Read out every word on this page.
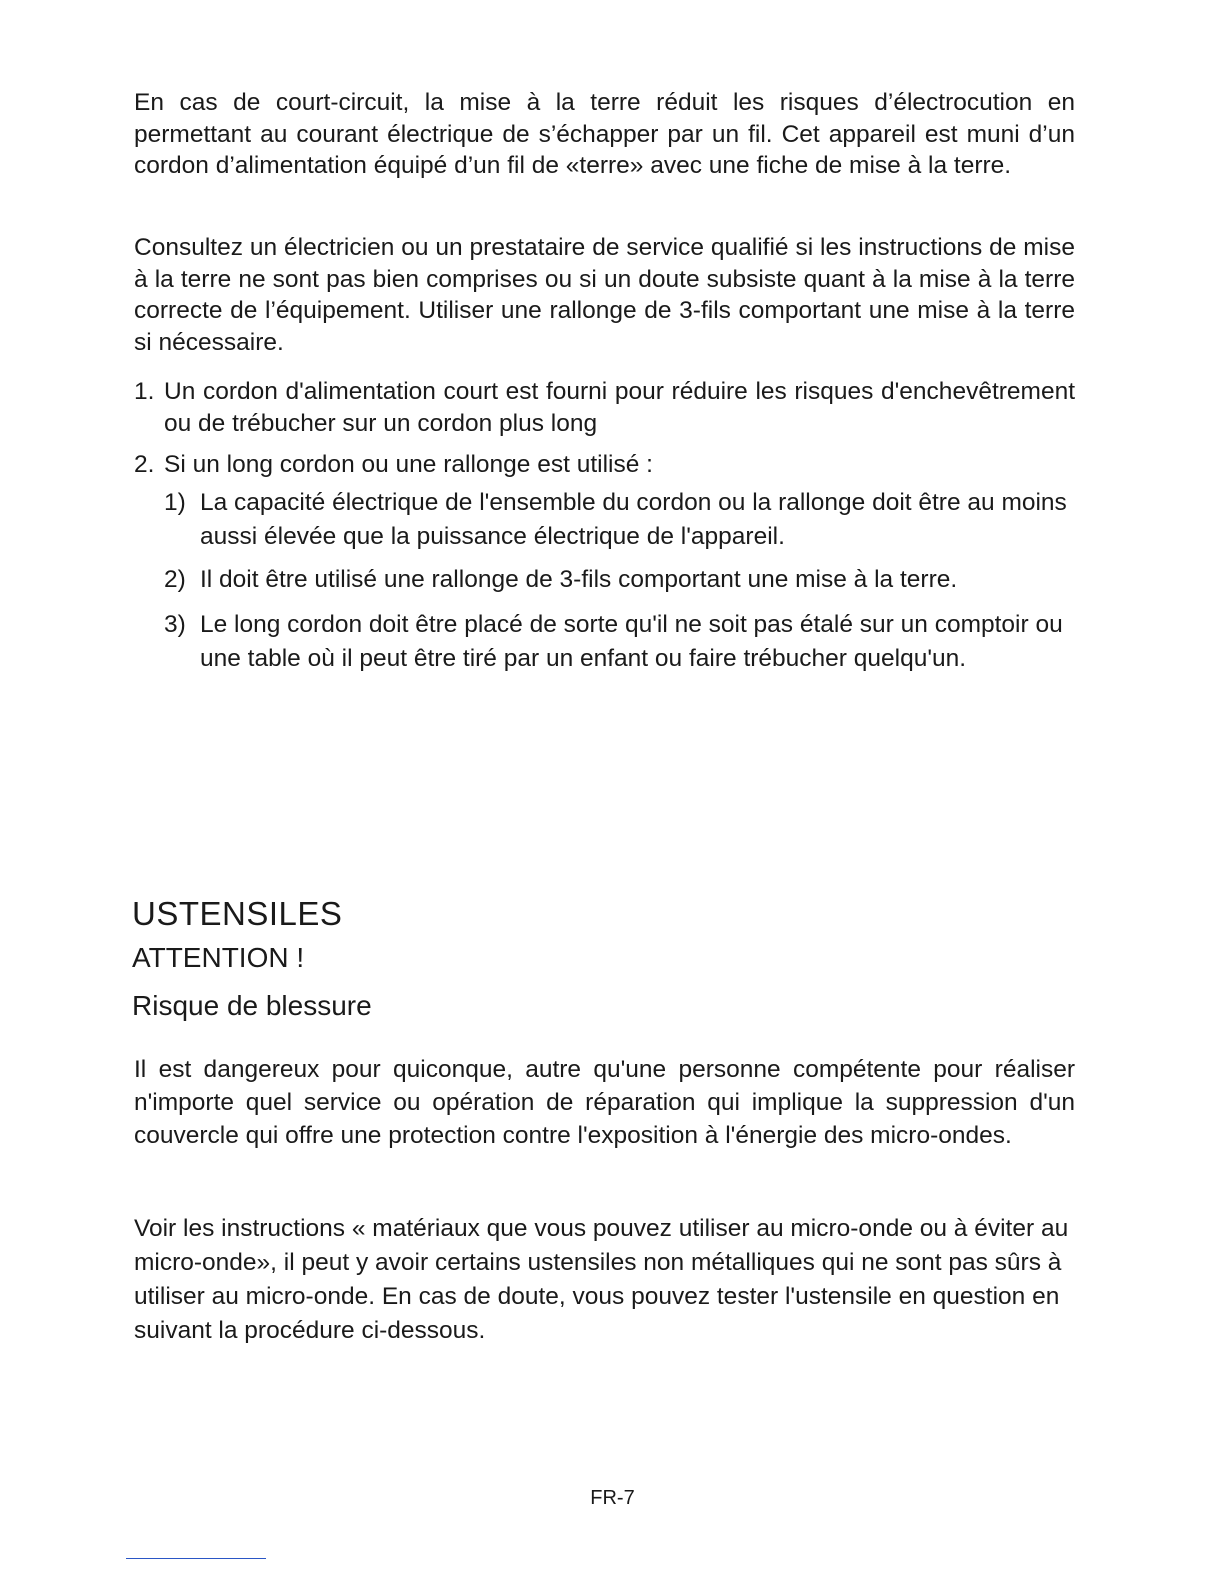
En cas de court-circuit, la mise à la terre réduit les risques d’électrocution en permettant au courant électrique de s’échapper par un fil. Cet appareil est muni d’un cordon d’alimentation équipé d’un fil de «terre» avec une fiche de mise à la terre.
Consultez un électricien ou un prestataire de service qualifié si les instructions de mise à la terre ne sont pas bien comprises ou si un doute subsiste quant à la mise à la terre correcte de l’équipement. Utiliser une rallonge de 3-fils comportant une mise à la terre si nécessaire.
1. Un cordon d'alimentation court est fourni pour réduire les risques d'enchevêtrement ou de trébucher sur un cordon plus long
2. Si un long cordon ou une rallonge est utilisé :
1) La capacité électrique de l'ensemble du cordon ou la rallonge doit être au moins aussi élevée que la puissance électrique de l'appareil.
2) Il doit être utilisé une rallonge de 3-fils comportant une mise à la terre.
3) Le long cordon doit être placé de sorte qu'il ne soit pas étalé sur un comptoir ou une table où il peut être tiré par un enfant ou faire trébucher quelqu'un.
USTENSILES
ATTENTION !
Risque de blessure
Il est dangereux pour quiconque, autre qu'une personne compétente pour réaliser n'importe quel service ou opération de réparation qui implique la suppression d'un couvercle qui offre une protection contre l'exposition à l'énergie des micro-ondes.
Voir les instructions « matériaux que vous pouvez utiliser au micro-onde ou à éviter au micro-onde», il peut y avoir certains ustensiles non métalliques qui ne sont pas sûrs à utiliser au micro-onde. En cas de doute, vous pouvez tester l'ustensile en question en suivant la procédure ci-dessous.
FR-7
